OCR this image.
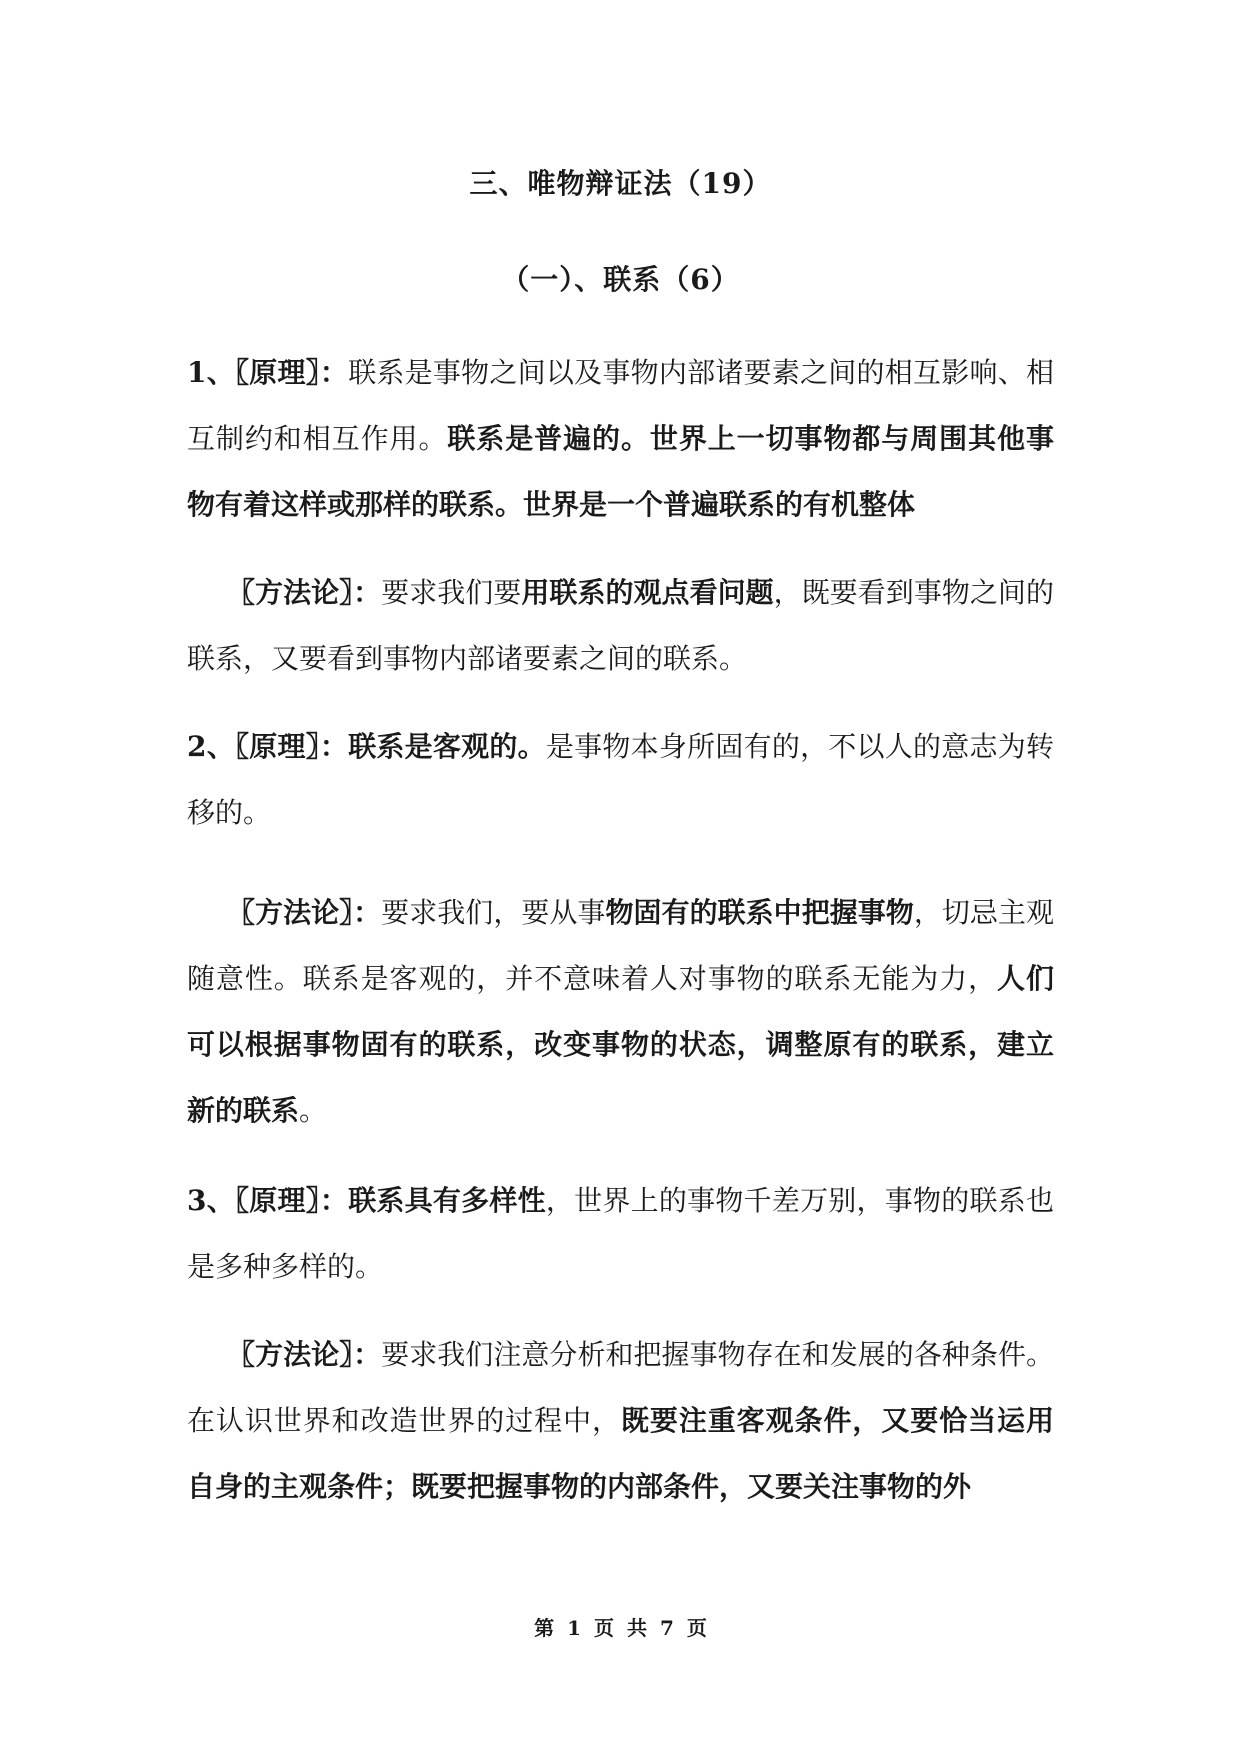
三、唯物辩证法（19）
（一）、联系（6）
1、〖原理〗：联系是事物之间以及事物内部诸要素之间的相互影响、相互制约和相互作用。联系是普遍的。世界上一切事物都与周围其他事物有着这样或那样的联系。世界是一个普遍联系的有机整体
〖方法论〗：要求我们要用联系的观点看问题，既要看到事物之间的联系，又要看到事物内部诸要素之间的联系。
2、〖原理〗：联系是客观的。是事物本身所固有的，不以人的意志为转移的。
〖方法论〗：要求我们，要从事物固有的联系中把握事物，切忌主观随意性。联系是客观的，并不意味着人对事物的联系无能为力，人们可以根据事物固有的联系，改变事物的状态，调整原有的联系，建立新的联系。
3、〖原理〗：联系具有多样性，世界上的事物千差万别，事物的联系也是多种多样的。
〖方法论〗：要求我们注意分析和把握事物存在和发展的各种条件。在认识世界和改造世界的过程中，既要注重客观条件，又要恰当运用自身的主观条件；既要把握事物的内部条件，又要关注事物的外
第 1 页 共 7 页
